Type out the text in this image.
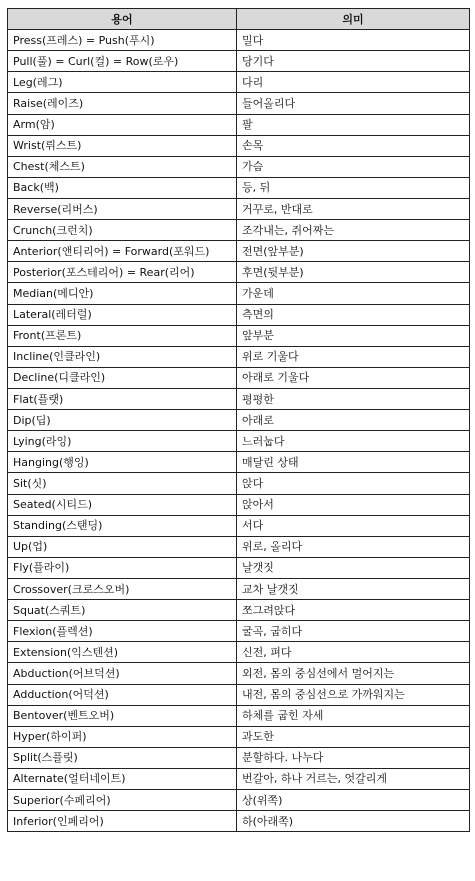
용어	의미
Press(프레스) = Push(푸시)	밀다
Pull(풀) = Curl(컬) = Row(로우)	당기다
Leg(레그)	다리
Raise(레이즈)	들어올리다
Arm(암)	팔
Wrist(뤼스트)	손목
Chest(체스트)	가슴
Back(백)	등, 뒤
Reverse(리버스)	거꾸로, 반대로
Crunch(크런치)	조각내는, 쥐어짜는
Anterior(앤티리어) = Forward(포워드)	전면(앞부분)
Posterior(포스테리어) = Rear(리어)	후면(뒷부분)
Median(메디안)	가운데
Lateral(레터럴)	측면의
Front(프론트)	앞부분
Incline(인클라인)	위로 기울다
Decline(디클라인)	아래로 기울다
Flat(플랫)	평평한
Dip(딥)	아래로
Lying(라잉)	느러눕다
Hanging(행잉)	매달린 상태
Sit(싯)	앉다
Seated(시티드)	앉아서
Standing(스탠딩)	서다
Up(업)	위로, 올리다
Fly(플라이)	날갯짓
Crossover(크로스오버)	교차 날갯짓
Squat(스쿼트)	쪼그려앉다
Flexion(플렉션)	굴곡, 굽히다
Extension(익스텐션)	신전, 펴다
Abduction(어브덕션)	외전, 몸의 중심선에서 멀어지는
Adduction(어덕션)	내전, 몸의 중심선으로 가까워지는
Bentover(벤트오버)	하체를 굽힌 자세
Hyper(하이퍼)	과도한
Split(스플릿)	분할하다. 나누다
Alternate(얼터네이트)	번갈아, 하나 거르는, 엇갈리게
Superior(수페리어)	상(위쪽)
Inferior(인페리어)	하(아래쪽)
